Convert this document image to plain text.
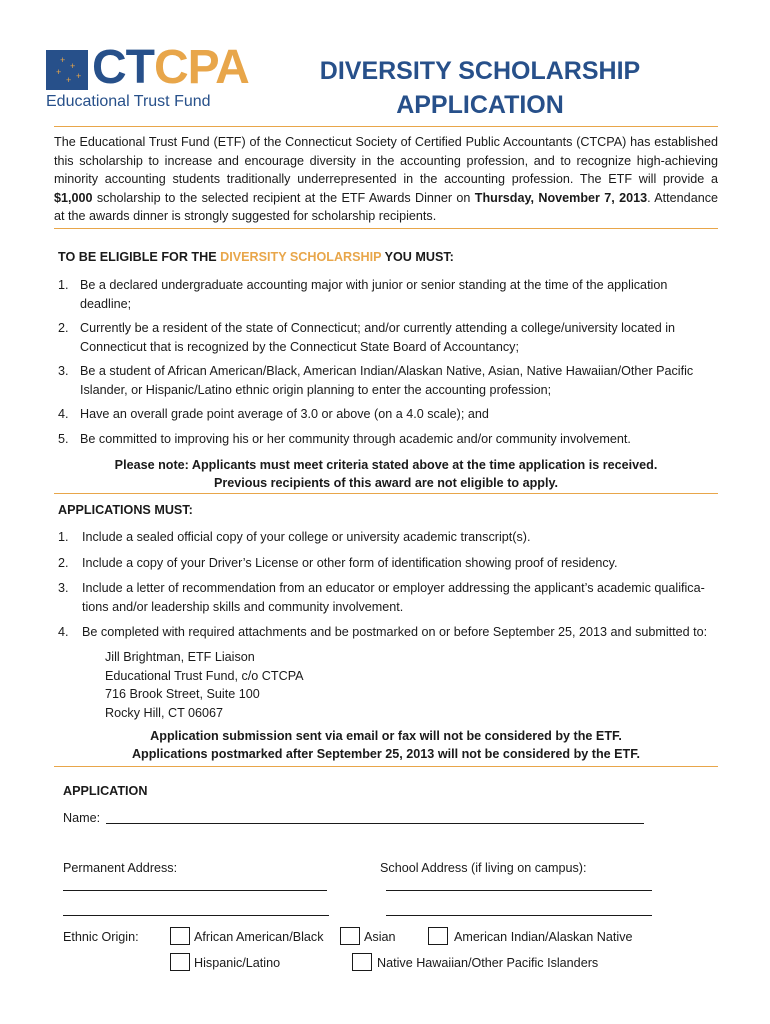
+
+
+
+ + CTCPA
Educational Trust Fund
DIVERSITY SCHOLARSHIP
APPLICATION
The Educational Trust Fund (ETF) of the Connecticut Society of Certified Public Accountants (CTCPA) has established this scholarship to increase and encourage diversity in the accounting profession, and to recognize high-achieving minority accounting students traditionally underrepresented in the accounting profession. The ETF will provide a $1,000 scholarship to the selected recipient at the ETF Awards Dinner on Thursday, November 7, 2013. Attendance at the awards dinner is strongly suggested for scholarship recipients.
TO BE ELIGIBLE FOR THE DIVERSITY SCHOLARSHIP YOU MUST:
1. Be a declared undergraduate accounting major with junior or senior standing at the time of the application deadline;
2. Currently be a resident of the state of Connecticut; and/or currently attending a college/university located in Connecticut that is recognized by the Connecticut State Board of Accountancy;
3. Be a student of African American/Black, American Indian/Alaskan Native, Asian, Native Hawaiian/Other Pacific Islander, or Hispanic/Latino ethnic origin planning to enter the accounting profession;
4. Have an overall grade point average of 3.0 or above (on a 4.0 scale); and
5. Be committed to improving his or her community through academic and/or community involvement.
Please note: Applicants must meet criteria stated above at the time application is received.
Previous recipients of this award are not eligible to apply.
APPLICATIONS MUST:
1. Include a sealed official copy of your college or university academic transcript(s).
2. Include a copy of your Driver’s License or other form of identification showing proof of residency.
3. Include a letter of recommendation from an educator or employer addressing the applicant’s academic qualifica-tions and/or leadership skills and community involvement.
4. Be completed with required attachments and be postmarked on or before September 25, 2013 and submitted to:
Jill Brightman, ETF Liaison
Educational Trust Fund, c/o CTCPA
716 Brook Street, Suite 100
Rocky Hill, CT 06067
Application submission sent via email or fax will not be considered by the ETF.
Applications postmarked after September 25, 2013 will not be considered by the ETF.
APPLICATION
Name:
Permanent Address:	School Address (if living on campus):
Ethnic Origin:	African American/Black	Asian	American Indian/Alaskan Native
Hispanic/Latino	Native Hawaiian/Other Pacific Islanders
